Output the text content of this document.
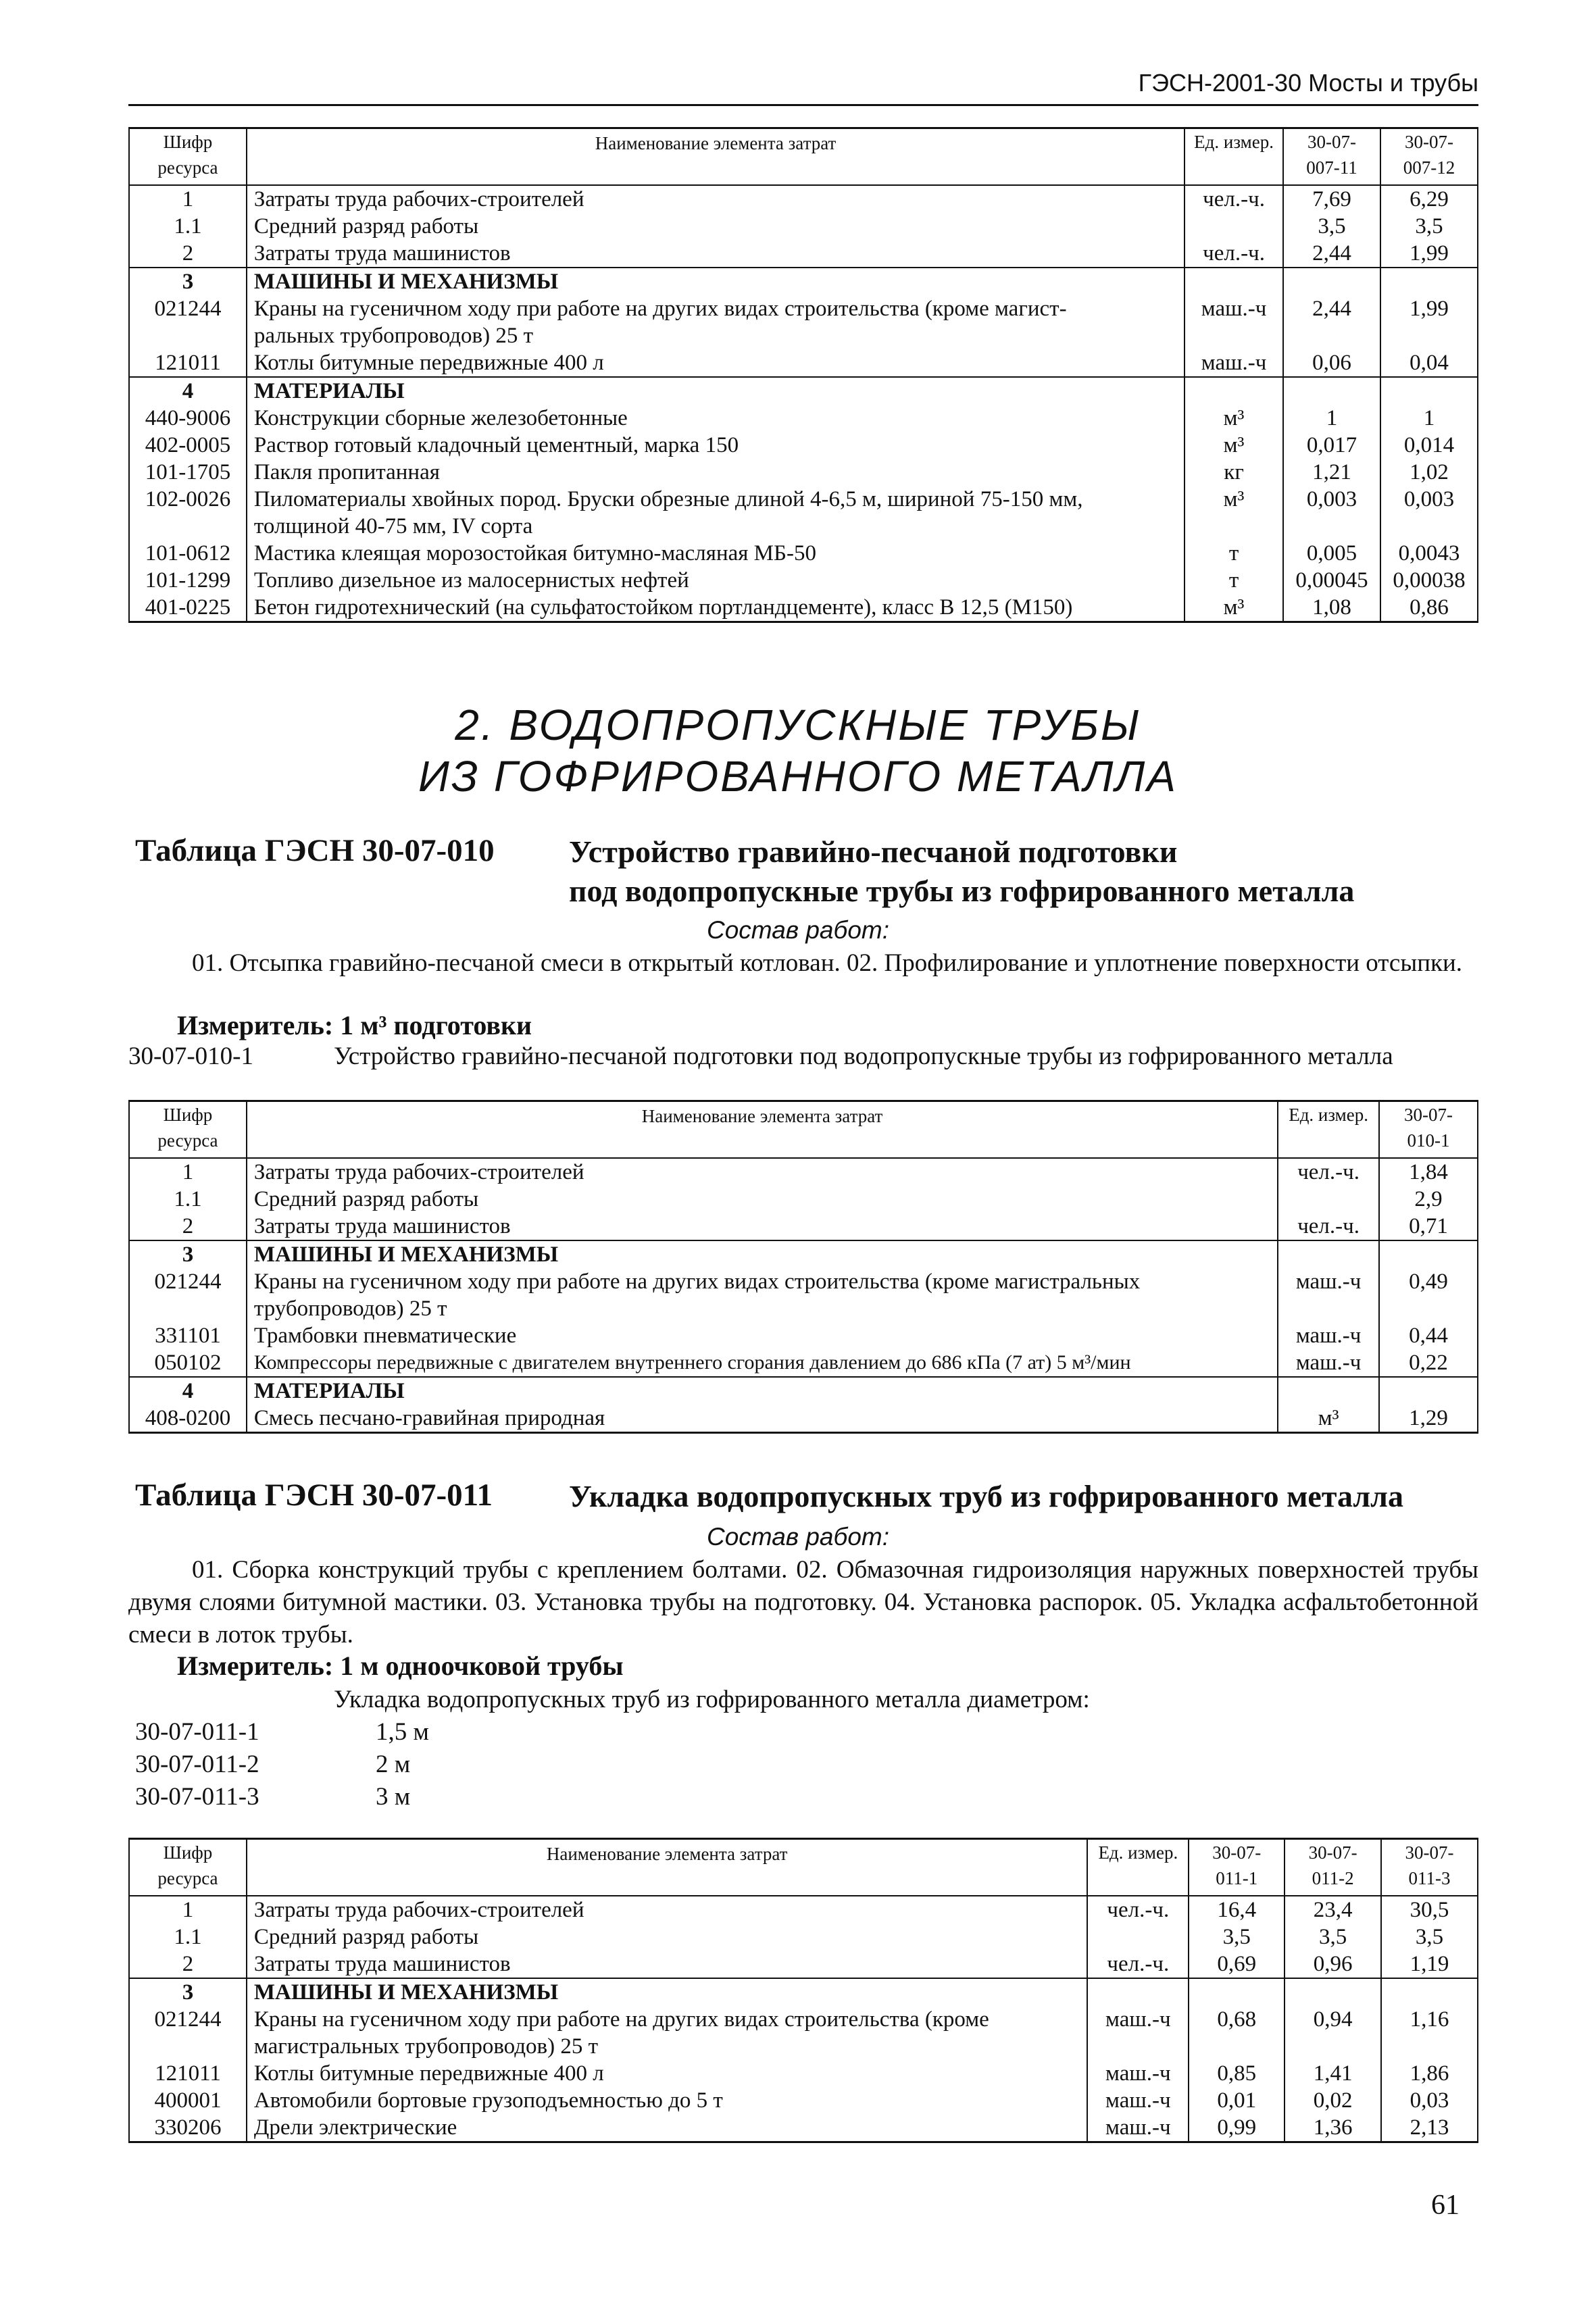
ГЭСН-2001-30 Мосты и трубы
Шифр
ресурса	Наименование элемента затрат	Ед. измер.	30-07-
007-11	30-07-
007-12
1	Затраты труда рабочих-строителей	чел.-ч.	7,69	6,29
1.1	Средний разряд работы		3,5	3,5
2	Затраты труда машинистов	чел.-ч.	2,44	1,99
3	МАШИНЫ И МЕХАНИЗМЫ			
021244	Краны на гусеничном ходу при работе на других видах строительства (кроме магист-
ральных трубопроводов) 25 т	маш.-ч	2,44	1,99
121011	Котлы битумные передвижные 400 л	маш.-ч	0,06	0,04
4	МАТЕРИАЛЫ			
440-9006	Конструкции сборные железобетонные	м³	1	1
402-0005	Раствор готовый кладочный цементный, марка 150	м³	0,017	0,014
101-1705	Пакля пропитанная	кг	1,21	1,02
102-0026	Пиломатериалы хвойных пород. Бруски обрезные длиной 4-6,5 м, шириной 75-150 мм,
толщиной 40-75 мм, IV сорта	м³	0,003	0,003
101-0612	Мастика клеящая морозостойкая битумно-масляная МБ-50	т	0,005	0,0043
101-1299	Топливо дизельное из малосернистых нефтей	т	0,00045	0,00038
401-0225	Бетон гидротехнический (на сульфатостойком портландцементе), класс В 12,5 (М150)	м³	1,08	0,86
2. ВОДОПРОПУСКНЫЕ ТРУБЫ
ИЗ ГОФРИРОВАННОГО МЕТАЛЛА
Таблица ГЭСН 30-07-010 Устройство гравийно-песчаной подготовки
под водопропускные трубы из гофрированного металла
Состав работ:

01. Отсыпка гравийно-песчаной смеси в открытый котлован. 02. Профилирование и уплотнение поверхности отсыпки.

Измеритель: 1 м³ подготовки
30-07-010-1	Устройство гравийно-песчаной подготовки под водопропускные трубы из гофрированного металла
Шифр
ресурса	Наименование элемента затрат	Ед. измер.	30-07-
010-1
1	Затраты труда рабочих-строителей	чел.-ч.	1,84
1.1	Средний разряд работы		2,9
2	Затраты труда машинистов	чел.-ч.	0,71
3	МАШИНЫ И МЕХАНИЗМЫ		
021244	Краны на гусеничном ходу при работе на других видах строительства (кроме магистральных
трубопроводов) 25 т	маш.-ч	0,49
331101	Трамбовки пневматические	маш.-ч	0,44
050102	Компрессоры передвижные с двигателем внутреннего сгорания давлением до 686 кПа (7 ат) 5 м³/мин	маш.-ч	0,22
4	МАТЕРИАЛЫ		
408-0200	Смесь песчано-гравийная природная	м³	1,29
Таблица ГЭСН 30-07-011 Укладка водопропускных труб из гофрированного металла
Состав работ:

01. Сборка конструкций трубы с креплением болтами. 02. Обмазочная гидроизоляция наружных поверхностей трубы двумя слоями битумной мастики. 03. Установка трубы на подготовку. 04. Установка распорок. 05. Укладка асфальтобетонной смеси в лоток трубы.

Измеритель: 1 м одноочковой трубы
Укладка водопропускных труб из гофрированного металла диаметром:
30-07-011-1	1,5 м
30-07-011-2	2 м
30-07-011-3	3 м
Шифр
ресурса	Наименование элемента затрат	Ед. измер.	30-07-
011-1	30-07-
011-2	30-07-
011-3
1	Затраты труда рабочих-строителей	чел.-ч.	16,4	23,4	30,5
1.1	Средний разряд работы		3,5	3,5	3,5
2	Затраты труда машинистов	чел.-ч.	0,69	0,96	1,19
3	МАШИНЫ И МЕХАНИЗМЫ				
021244	Краны на гусеничном ходу при работе на других видах строительства (кроме
магистральных трубопроводов) 25 т	маш.-ч	0,68	0,94	1,16
121011	Котлы битумные передвижные 400 л	маш.-ч	0,85	1,41	1,86
400001	Автомобили бортовые грузоподъемностью до 5 т	маш.-ч	0,01	0,02	0,03
330206	Дрели электрические	маш.-ч	0,99	1,36	2,13
61
